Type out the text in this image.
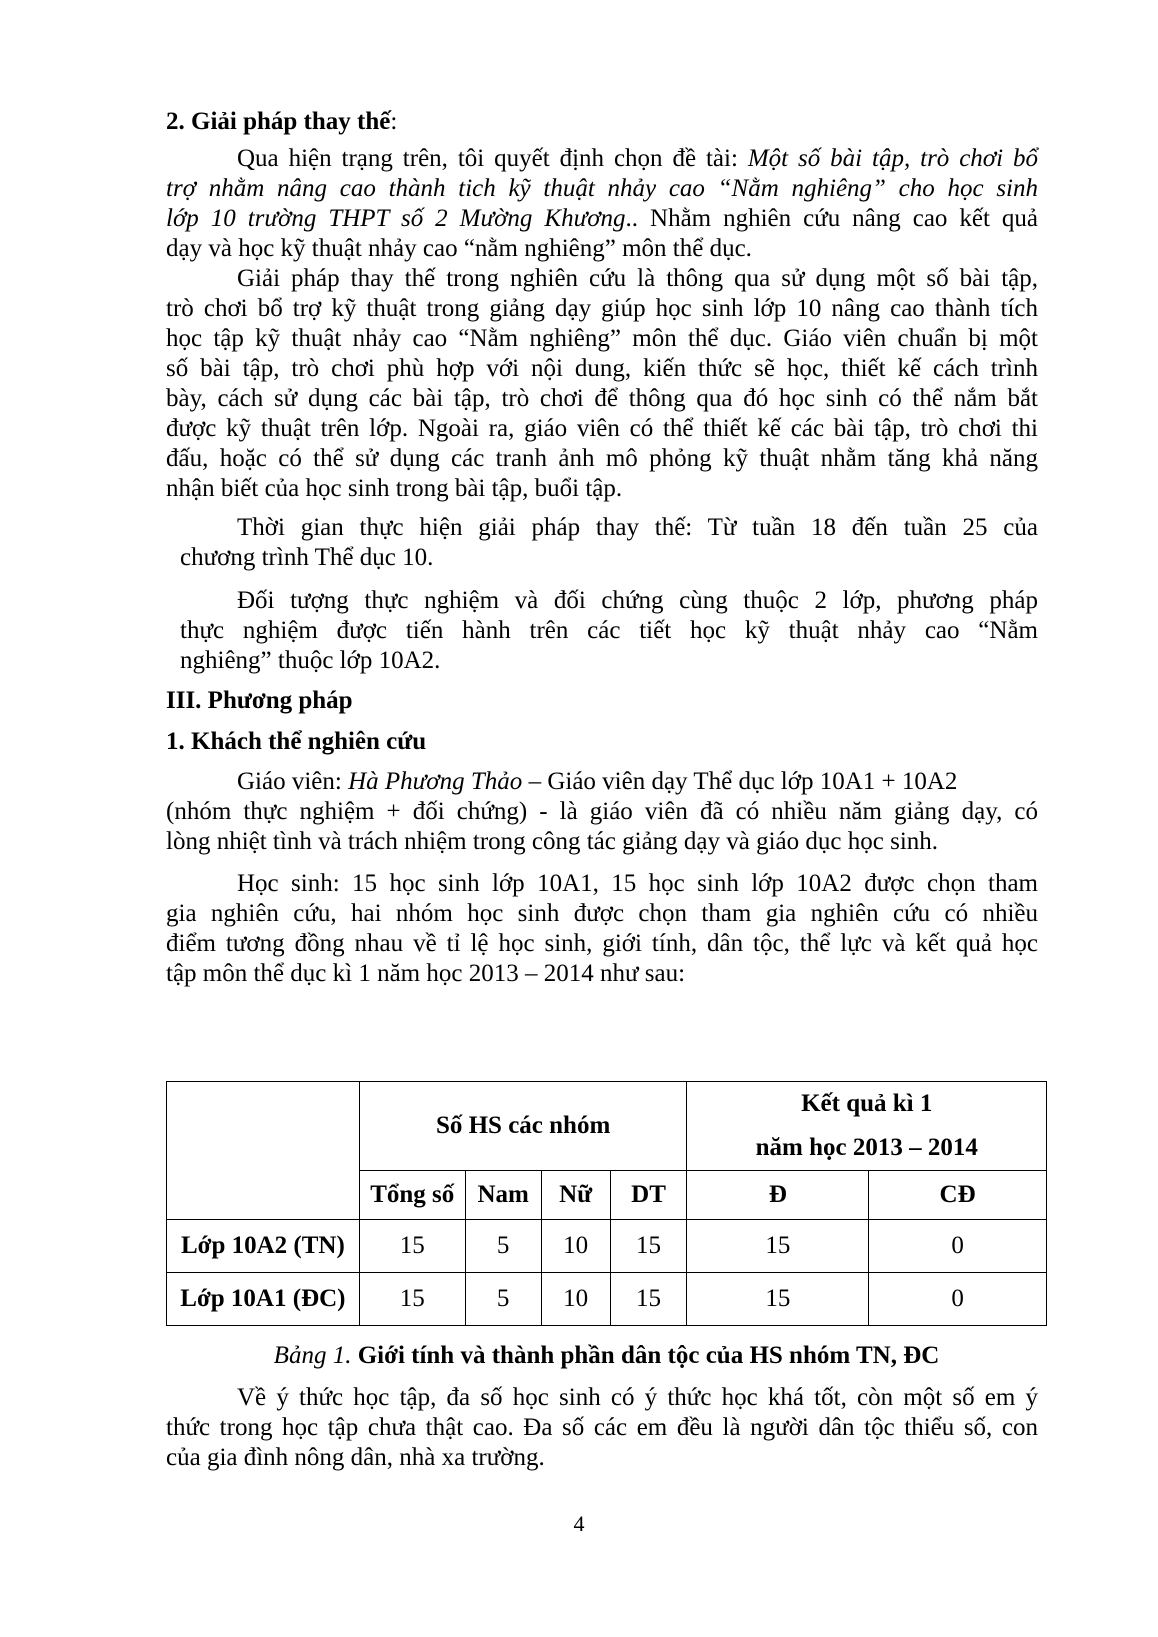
2. Giải pháp thay thế:
Qua hiện trạng trên, tôi quyết định chọn đề tài: Một số bài tập, trò chơi bổ
trợ nhằm nâng cao thành tich kỹ thuật nhảy cao “Nằm nghiêng” cho học sinh
lớp 10 trường THPT số 2 Mường Khương.. Nhằm nghiên cứu nâng cao kết quả
dạy và học kỹ thuật nhảy cao “nằm nghiêng” môn thể dục.
Giải pháp thay thế trong nghiên cứu là thông qua sử dụng một số bài tập,
trò chơi bổ trợ kỹ thuật trong giảng dạy giúp học sinh lớp 10 nâng cao thành tích
học tập kỹ thuật nhảy cao “Nằm nghiêng” môn thể dục. Giáo viên chuẩn bị một
số bài tập, trò chơi phù hợp với nội dung, kiến thức sẽ học, thiết kế cách trình
bày, cách sử dụng các bài tập, trò chơi để thông qua đó học sinh có thể nắm bắt
được kỹ thuật trên lớp. Ngoài ra, giáo viên có thể thiết kế các bài tập, trò chơi thi
đấu, hoặc có thể sử dụng các tranh ảnh mô phỏng kỹ thuật nhằm tăng khả năng
nhận biết của học sinh trong bài tập, buổi tập.
Thời gian thực hiện giải pháp thay thế: Từ tuần 18 đến tuần 25 của
chương trình Thể dục 10.
Đối tượng thực nghiệm và đối chứng cùng thuộc 2 lớp, phương pháp
thực nghiệm được tiến hành trên các tiết học kỹ thuật nhảy cao “Nằm
nghiêng” thuộc lớp 10A2.
III. Phương pháp
1. Khách thể nghiên cứu
Giáo viên: Hà Phương Thảo – Giáo viên dạy Thể dục lớp 10A1 + 10A2
(nhóm thực nghiệm + đối chứng) - là giáo viên đã có nhiều năm giảng dạy, có
lòng nhiệt tình và trách nhiệm trong công tác giảng dạy và giáo dục học sinh.
Học sinh: 15 học sinh lớp 10A1, 15 học sinh lớp 10A2 được chọn tham
gia nghiên cứu, hai nhóm học sinh được chọn tham gia nghiên cứu có nhiều
điểm tương đồng nhau về tỉ lệ học sinh, giới tính, dân tộc, thể lực và kết quả học
tập môn thể dục kì 1 năm học 2013 – 2014 như sau:
	Số HS các nhóm				Kết quả kì 1
năm học 2013 – 2014	
	Tổng số	Nam	Nữ	DT	Đ	CĐ
Lớp 10A2 (TN)	15	5	10	15	15	0
Lớp 10A1 (ĐC)	15	5	10	15	15	0
Bảng 1. Giới tính và thành phần dân tộc của HS nhóm TN, ĐC
Về ý thức học tập, đa số học sinh có ý thức học khá tốt, còn một số em ý
thức trong học tập chưa thật cao. Đa số các em đều là người dân tộc thiểu số, con
của gia đình nông dân, nhà xa trường.
4
